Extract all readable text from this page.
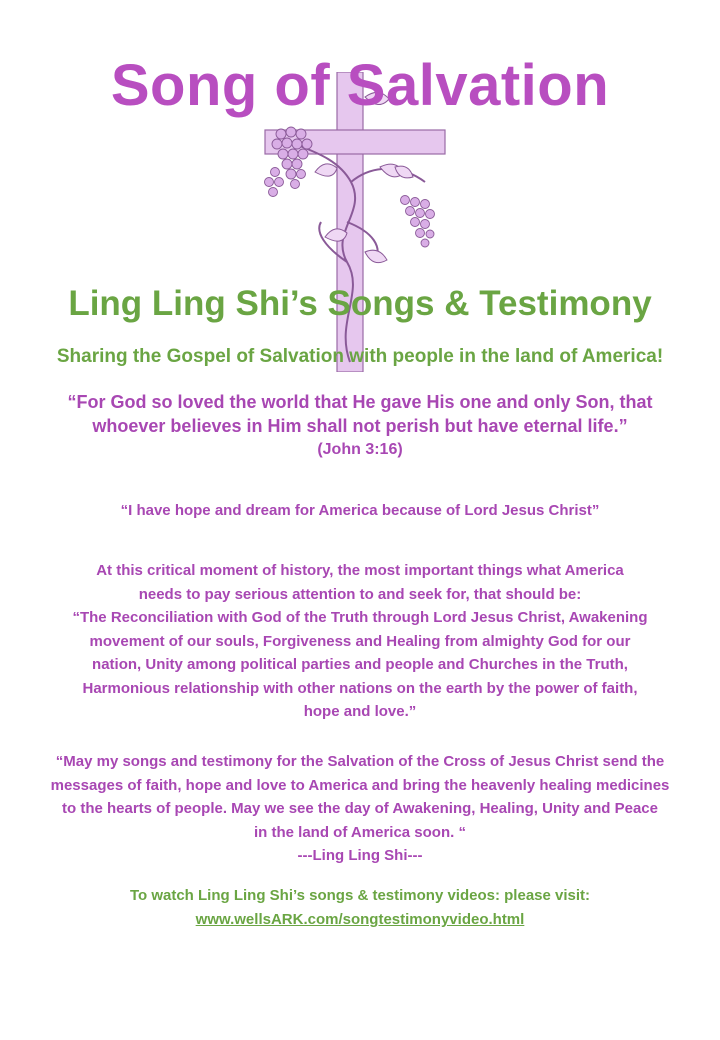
Song of Salvation
Ling Ling Shi’s Songs & Testimony
Sharing the Gospel of Salvation with people in the land of America!
“For God so loved the world that He gave His one and only Son, that
whoever believes in Him shall not perish but have eternal life.”

(John 3:16)
“I have hope and dream for America because of Lord Jesus Christ”
At this critical moment of history, the most important things what America
needs to pay serious attention to and seek for, that should be:
“The Reconciliation with God of the Truth through Lord Jesus Christ, Awakening
movement of our souls, Forgiveness and Healing from almighty God for our
nation, Unity among political parties and people and Churches in the Truth,
Harmonious relationship with other nations on the earth by the power of faith,
hope and love.”
“May my songs and testimony for the Salvation of the Cross of Jesus Christ send the
messages of faith, hope and love to America and bring the heavenly healing medicines
to the hearts of people. May we see the day of Awakening, Healing, Unity and Peace
in the land of America soon. “
---Ling Ling Shi---
To watch Ling Ling Shi’s songs & testimony videos: please visit:
www.wellsARK.com/songtestimonyvideo.html
